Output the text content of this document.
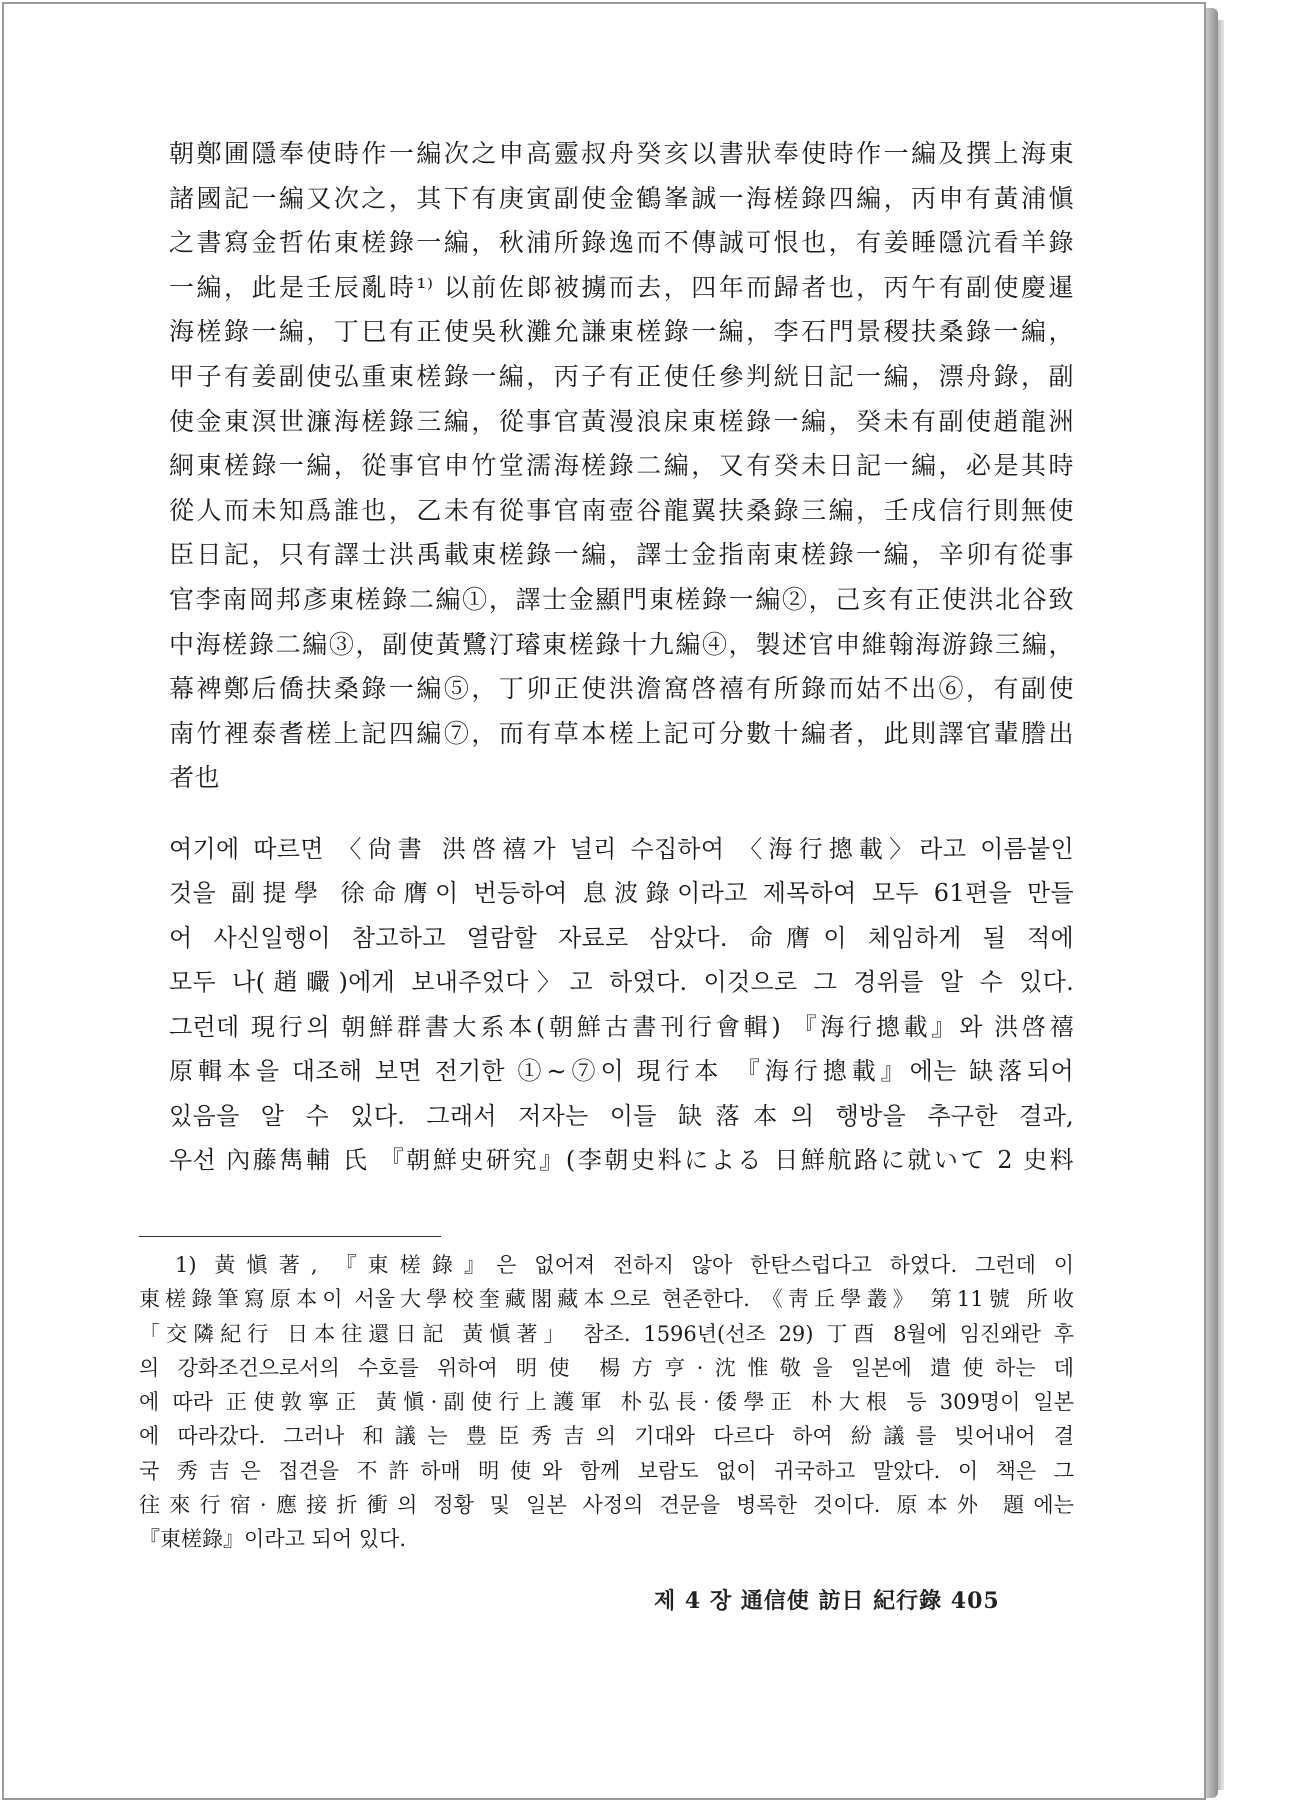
朝鄭圃隱奉使時作一編次之申高靈叔舟癸亥以書狀奉使時作一編及撰上海東
諸國記一編又次之，其下有庚寅副使金鶴峯誠一海槎錄四編，丙申有黃浦愼
之書寫金哲佑東槎錄一編，秋浦所錄逸而不傳誠可恨也，有姜睡隱沆看羊錄
一編，此是壬辰亂時¹⁾ 以前佐郞被擄而去，四年而歸者也，丙午有副使慶暹
海槎錄一編，丁巳有正使吳秋灘允謙東槎錄一編，李石門景稷扶桑錄一編，
甲子有姜副使弘重東槎錄一編，丙子有正使任參判絖日記一編，漂舟錄，副
使金東溟世濂海槎錄三編，從事官黃漫浪㦿東槎錄一編，癸未有副使趙龍洲
絅東槎錄一編，從事官申竹堂濡海槎錄二編，又有癸未日記一編，必是其時
從人而未知爲誰也，乙未有從事官南壺谷龍翼扶桑錄三編，壬戌信行則無使
臣日記，只有譯士洪禹載東槎錄一編，譯士金指南東槎錄一編，辛卯有從事
官李南岡邦彥東槎錄二編①，譯士金顯門東槎錄一編②，己亥有正使洪北谷致
中海槎錄二編③，副使黃鷺汀璿東槎錄十九編④，製述官申維翰海游錄三編，
幕裨鄭后僑扶桑錄一編⑤，丁卯正使洪澹窩啓禧有所錄而姑不出⑥，有副使
南竹裡泰耆槎上記四編⑦，而有草本槎上記可分數十編者，此則譯官輩謄出
者也
여기에 따르면 〈尙書 洪啓禧가 널리 수집하여 〈海行摠載〉라고 이름붙인
것을 副提學 徐命膺이 번등하여 息波錄이라고 제목하여 모두 61편을 만들
어 사신일행이 참고하고 열람할 자료로 삼았다. 命膺이 체임하게 될 적에
모두 나(趙曮)에게 보내주었다〉고 하였다. 이것으로 그 경위를 알 수 있다.
그런데 現行의 朝鮮群書大系本(朝鮮古書刊行會輯) 『海行摠載』와 洪啓禧
原輯本을 대조해 보면 전기한 ①∼⑦이 現行本 『海行摠載』에는 缺落되어
있음을 알 수 있다. 그래서 저자는 이들 缺落本의 행방을 추구한 결과,
우선 內藤雋輔 氏 『朝鮮史硏究』(李朝史料による 日鮮航路に就いて 2 史料
1) 黃愼著, 『東槎錄』은 없어져 전하지 않아 한탄스럽다고 하였다. 그런데 이
東槎錄筆寫原本이 서울大學校奎藏閣藏本으로 현존한다. 《靑丘學叢》 第11號 所收
「交隣紀行 日本往還日記 黃愼著」 참조. 1596년(선조 29) 丁酉 8월에 임진왜란 후
의 강화조건으로서의 수호를 위하여 明使 楊方亨·沈惟敬을 일본에 遣使하는 데
에 따라 正使敦寧正 黃愼·副使行上護軍 朴弘長·倭學正 朴大根 등 309명이 일본
에 따라갔다. 그러나 和議는 豊臣秀吉의 기대와 다르다 하여 紛議를 빚어내어 결
국 秀吉은 접견을 不許하매 明使와 함께 보람도 없이 귀국하고 말았다. 이 책은 그
往來行宿·應接折衝의 정황 및 일본 사정의 견문을 병록한 것이다. 原本外 題에는
『東槎錄』이라고 되어 있다.
제 4 장 通信使 訪日 紀行錄 405
